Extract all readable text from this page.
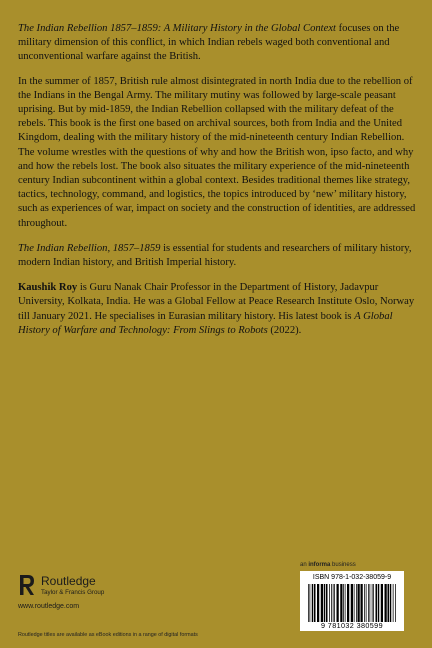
The Indian Rebellion 1857–1859: A Military History in the Global Context focuses on the military dimension of this conflict, in which Indian rebels waged both conventional and unconventional warfare against the British.

In the summer of 1857, British rule almost disintegrated in north India due to the rebellion of the Indians in the Bengal Army. The military mutiny was followed by large-scale peasant uprising. But by mid-1859, the Indian Rebellion collapsed with the military defeat of the rebels. This book is the first one based on archival sources, both from India and the United Kingdom, dealing with the military history of the mid-nineteenth century Indian Rebellion. The volume wrestles with the questions of why and how the British won, ipso facto, and why and how the rebels lost. The book also situates the military experience of the mid-nineteenth century Indian subcontinent within a global context. Besides traditional themes like strategy, tactics, technology, command, and logistics, the topics introduced by ‘new’ military history, such as experiences of war, impact on society and the construction of identities, are addressed throughout.

The Indian Rebellion, 1857–1859 is essential for students and researchers of military history, modern Indian history, and British Imperial history.

Kaushik Roy is Guru Nanak Chair Professor in the Department of History, Jadavpur University, Kolkata, India. He was a Global Fellow at Peace Research Institute Oslo, Norway till January 2021. He specialises in Eurasian military history. His latest book is A Global History of Warfare and Technology: From Slings to Robots (2022).

Routledge
Taylor & Francis Group
www.routledge.com
Routledge titles are available as eBook editions in a range of digital formats
an informa business
ISBN 978-1-032-38059-9
9 781032 380599
